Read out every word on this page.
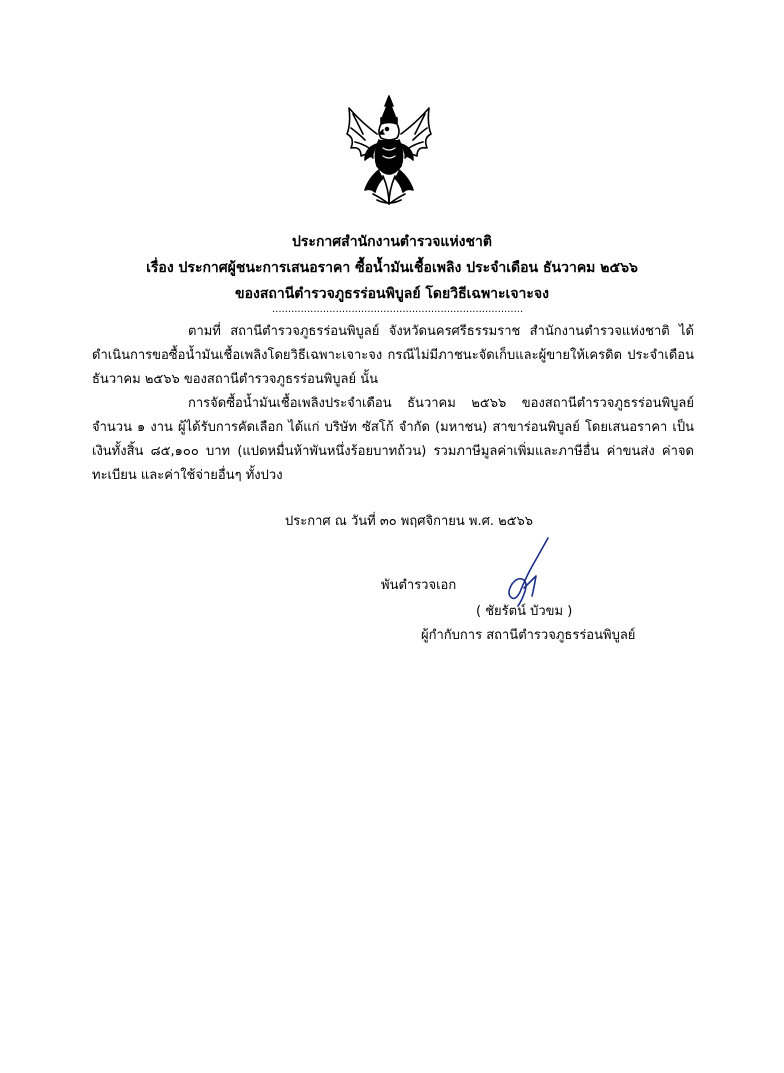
ประกาศสำนักงานตำรวจแห่งชาติ

เรื่อง ประกาศผู้ชนะการเสนอราคา ซื้อน้ำมันเชื้อเพลิง ประจำเดือน ธันวาคม ๒๕๖๖

ของสถานีตำรวจภูธรร่อนพิบูลย์ โดยวิธีเฉพาะเจาะจง

...............................................................................

ตามที่ สถานีตำรวจภูธรร่อนพิบูลย์ จังหวัดนครศรีธรรมราช สำนักงานตำรวจแห่งชาติ ได้ดำเนินการขอซื้อน้ำมันเชื้อเพลิงโดยวิธีเฉพาะเจาะจง กรณีไม่มีภาชนะจัดเก็บและผู้ขายให้เครดิต ประจำเดือน ธันวาคม ๒๕๖๖ ของสถานีตำรวจภูธรร่อนพิบูลย์ นั้น

การจัดซื้อน้ำมันเชื้อเพลิงประจำเดือน ธันวาคม ๒๕๖๖ ของสถานีตำรวจภูธรร่อนพิบูลย์ จำนวน ๑ งาน ผู้ได้รับการคัดเลือก ได้แก่ บริษัท ซัสโก้ จำกัด (มหาชน) สาขาร่อนพิบูลย์ โดยเสนอราคา เป็นเงินทั้งสิ้น ๘๕,๑๐๐ บาท (แปดหมื่นห้าพันหนึ่งร้อยบาทถ้วน) รวมภาษีมูลค่าเพิ่มและภาษีอื่น ค่าขนส่ง ค่าจดทะเบียน และค่าใช้จ่ายอื่นๆ ทั้งปวง

ประกาศ ณ วันที่ ๓๐ พฤศจิกายน พ.ศ. ๒๕๖๖
พันตำรวจเอก
( ชัยรัตน์ บัวขม )
ผู้กำกับการ สถานีตำรวจภูธรร่อนพิบูลย์
